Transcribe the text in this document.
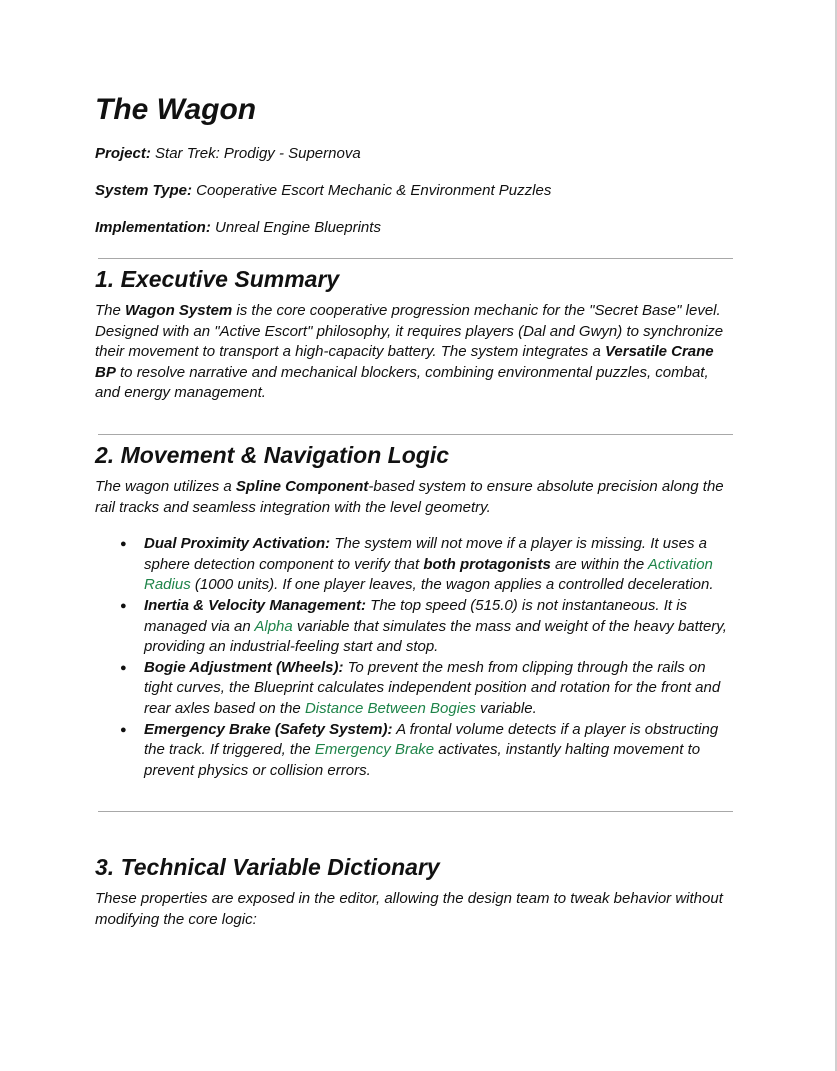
The Wagon

Project: Star Trek: Prodigy - Supernova

System Type: Cooperative Escort Mechanic & Environment Puzzles

Implementation: Unreal Engine Blueprints

1. Executive Summary

The Wagon System is the core cooperative progression mechanic for the "Secret Base" level. Designed with an "Active Escort" philosophy, it requires players (Dal and Gwyn) to synchronize their movement to transport a high-capacity battery. The system integrates a Versatile Crane BP to resolve narrative and mechanical blockers, combining environmental puzzles, combat, and energy management.

2. Movement & Navigation Logic

The wagon utilizes a Spline Component-based system to ensure absolute precision along the rail tracks and seamless integration with the level geometry.

● Dual Proximity Activation: The system will not move if a player is missing. It uses a sphere detection component to verify that both protagonists are within the Activation Radius (1000 units). If one player leaves, the wagon applies a controlled deceleration.
● Inertia & Velocity Management: The top speed (515.0) is not instantaneous. It is managed via an Alpha variable that simulates the mass and weight of the heavy battery, providing an industrial-feeling start and stop.
● Bogie Adjustment (Wheels): To prevent the mesh from clipping through the rails on tight curves, the Blueprint calculates independent position and rotation for the front and rear axles based on the Distance Between Bogies variable.
● Emergency Brake (Safety System): A frontal volume detects if a player is obstructing the track. If triggered, the Emergency Brake activates, instantly halting movement to prevent physics or collision errors.
3. Technical Variable Dictionary

These properties are exposed in the editor, allowing the design team to tweak behavior without modifying the core logic:
